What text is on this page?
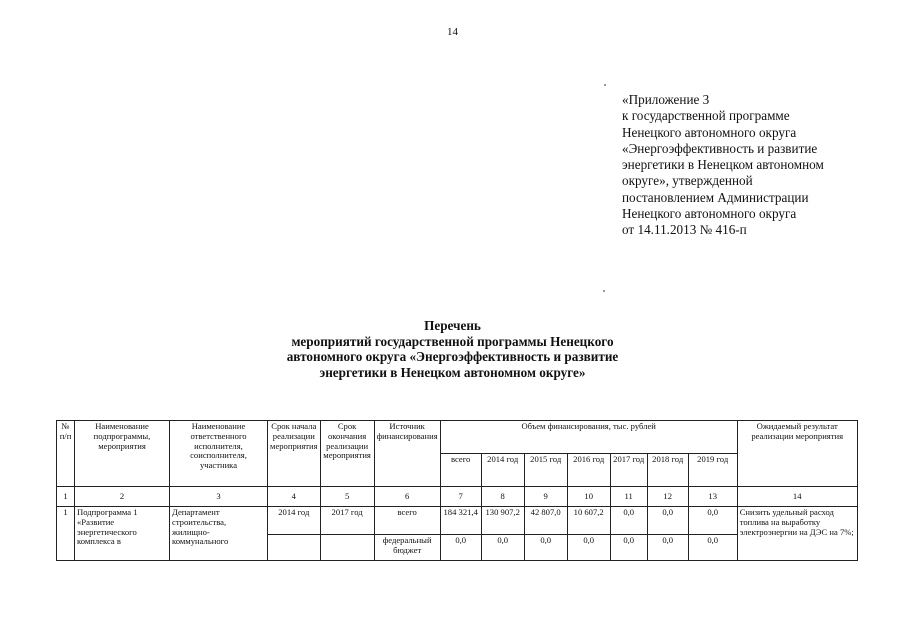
14
«Приложение 3
к государственной программе
Ненецкого автономного округа
«Энергоэффективность и развитие
энергетики в Ненецком автономном
округе», утвержденной
постановлением Администрации
Ненецкого автономного округа
от 14.11.2013 № 416-п
Перечень
мероприятий государственной программы Ненецкого
автономного округа «Энергоэффективность и развитие
энергетики в Ненецком автономном округе»
№ п/п	Наименование подпрограммы, мероприятия	Наименование ответственного исполнителя, соисполнителя, участника	Срок начала реализации мероприятия	Срок окончания реализации мероприятия	Источник финансирования	Объем финансирования, тыс. рублей							Ожидаемый результат реализации мероприятия
						всего	2014 год	2015 год	2016 год	2017 год	2018 год	2019 год	
1	2	3	4	5	6	7	8	9	10	11	12	13	14
1	Подпрограмма 1 «Развитие энергетического комплекса в	Департамент строительства, жилищно-коммунального	2014 год	2017 год	всего	184 321,4	130 907,2	42 807,0	10 607,2	0,0	0,0	0,0	Снизить удельный расход топлива на выработку электроэнергии на ДЭС на 7%;
					федеральный бюджет	0,0	0,0	0,0	0,0	0,0	0,0	0,0	
